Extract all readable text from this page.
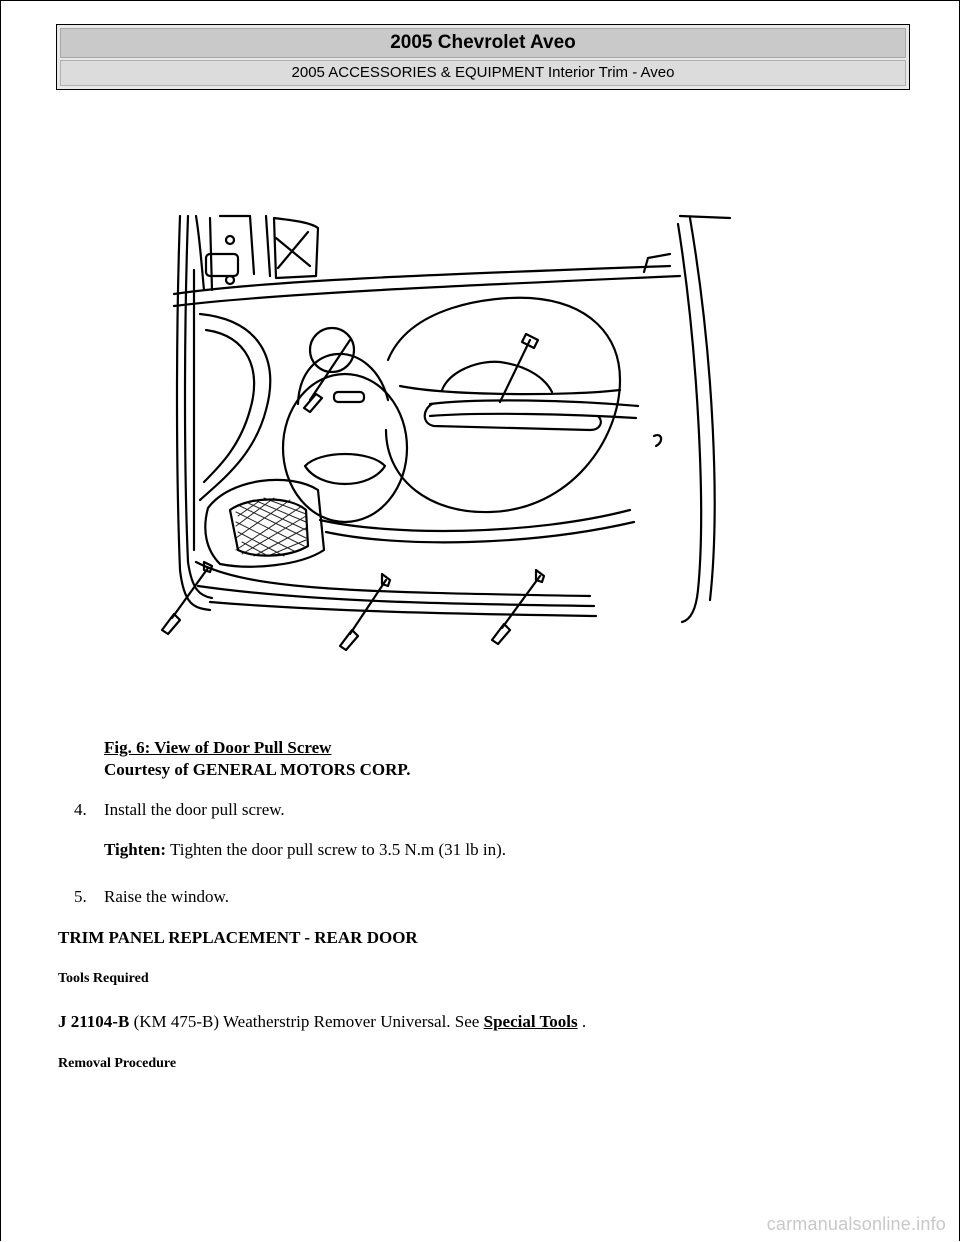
2005 Chevrolet Aveo
2005 ACCESSORIES & EQUIPMENT Interior Trim - Aveo
Fig. 6: View of Door Pull Screw
Courtesy of GENERAL MOTORS CORP.
4. Install the door pull screw.
Tighten: Tighten the door pull screw to 3.5 N.m (31 lb in).
5. Raise the window.
TRIM PANEL REPLACEMENT - REAR DOOR
Tools Required
J 21104-B (KM 475-B) Weatherstrip Remover Universal. See Special Tools .
Removal Procedure
carmanualsonline.info
